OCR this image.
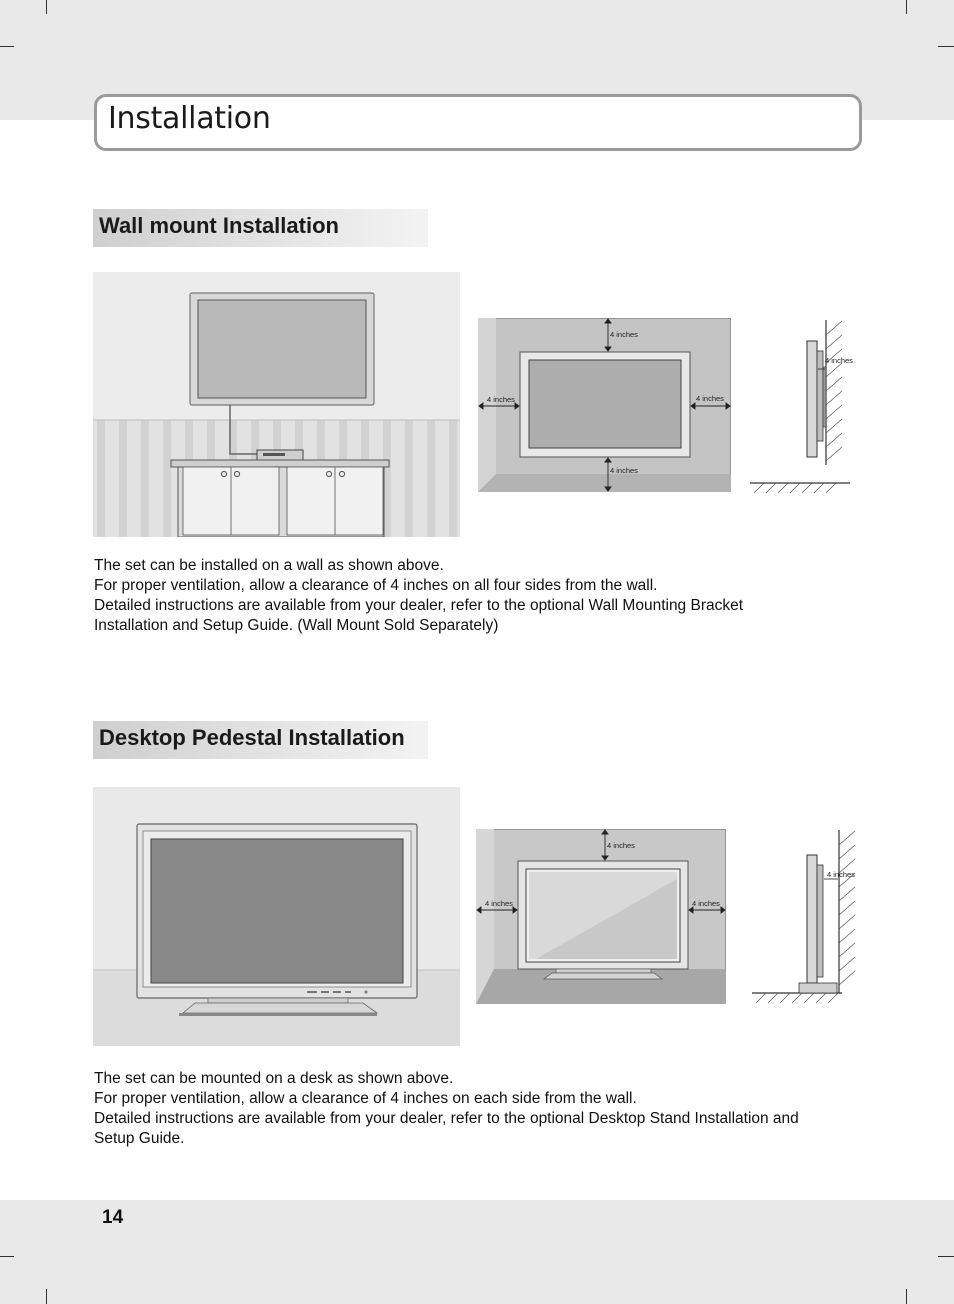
Installation
Wall mount Installation
4 inches
4 inches
4 inches	4 inches
4 inches
The set can be installed on a wall as shown above.
For proper ventilation, allow a clearance of 4 inches on all four sides from the wall.
Detailed instructions are available from your dealer, refer to the optional Wall Mounting Bracket
Installation and Setup Guide. (Wall Mount Sold Separately)
Desktop Pedestal Installation
4 inches
4 inches	4 inches
4 inches
The set can be mounted on a desk as shown above.
For proper ventilation, allow a clearance of 4 inches on each side from the wall.
Detailed instructions are available from your dealer, refer to the optional Desktop Stand Installation and
Setup Guide.
14
